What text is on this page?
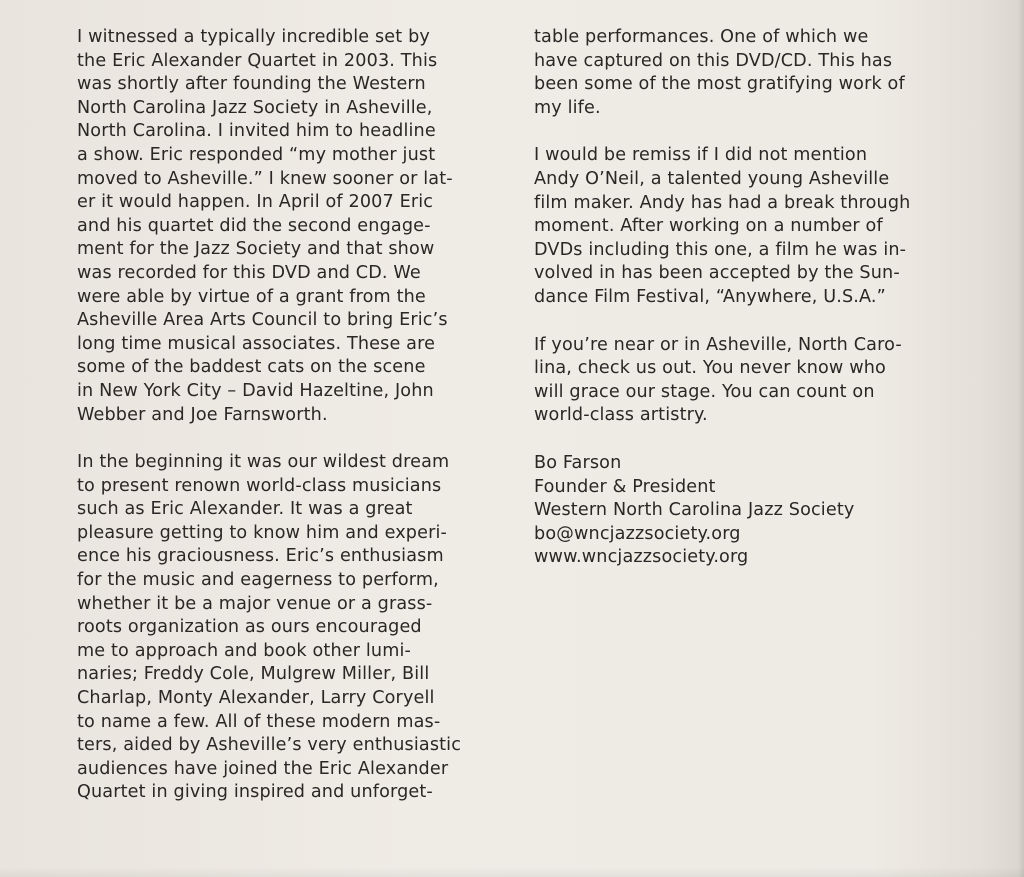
I witnessed a typically incredible set by
the Eric Alexander Quartet in 2003. This
was shortly after founding the Western
North Carolina Jazz Society in Asheville,
North Carolina. I invited him to headline
a show. Eric responded “my mother just
moved to Asheville.” I knew sooner or lat-
er it would happen. In April of 2007 Eric
and his quartet did the second engage-
ment for the Jazz Society and that show
was recorded for this DVD and CD. We
were able by virtue of a grant from the
Asheville Area Arts Council to bring Eric’s
long time musical associates. These are
some of the baddest cats on the scene
in New York City – David Hazeltine, John
Webber and Joe Farnsworth.
In the beginning it was our wildest dream
to present renown world-class musicians
such as Eric Alexander. It was a great
pleasure getting to know him and experi-
ence his graciousness. Eric’s enthusiasm
for the music and eagerness to perform,
whether it be a major venue or a grass-
roots organization as ours encouraged
me to approach and book other lumi-
naries; Freddy Cole, Mulgrew Miller, Bill
Charlap, Monty Alexander, Larry Coryell
to name a few. All of these modern mas-
ters, aided by Asheville’s very enthusiastic
audiences have joined the Eric Alexander
Quartet in giving inspired and unforget-
table performances. One of which we
have captured on this DVD/CD. This has
been some of the most gratifying work of
my life.
I would be remiss if I did not mention
Andy O’Neil, a talented young Asheville
film maker. Andy has had a break through
moment. After working on a number of
DVDs including this one, a film he was in-
volved in has been accepted by the Sun-
dance Film Festival, “Anywhere, U.S.A.”
If you’re near or in Asheville, North Caro-
lina, check us out. You never know who
will grace our stage. You can count on
world-class artistry.
Bo Farson
Founder & President
Western North Carolina Jazz Society
bo@wncjazzsociety.org
www.wncjazzsociety.org
